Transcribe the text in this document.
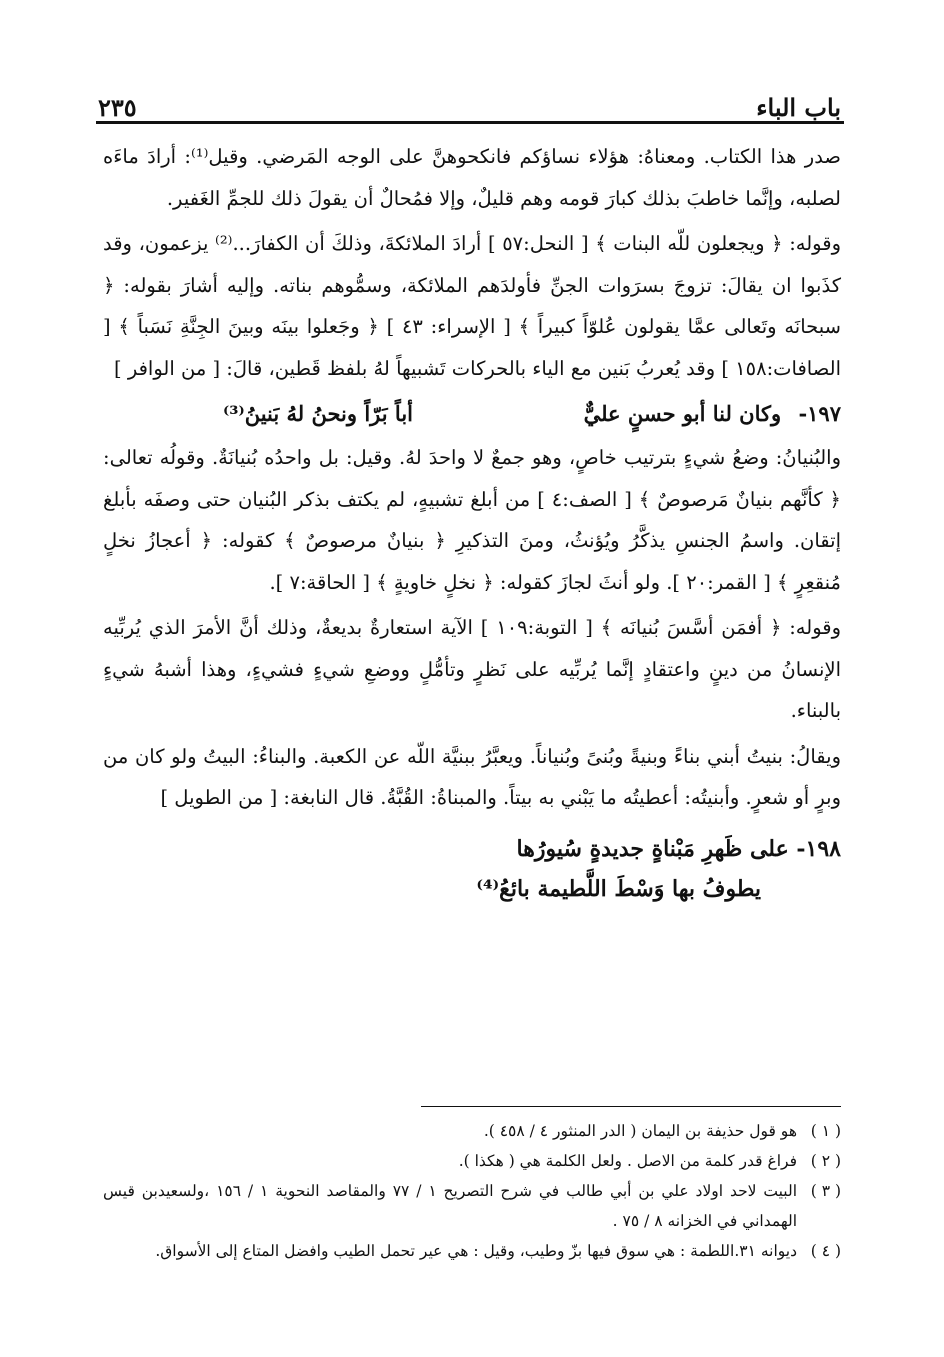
باب الباء
٢٣٥

صدر هذا الكتاب. ومعناهُ: هؤلاء نساؤكم فانكحوهنَّ على الوجه المَرضي. وقيل⁽¹⁾: أرادَ ماءَه لصلبه، وإنَّما خاطبَ بذلك كبارَ قومه وهم قليلٌ، وإلا فمُحالٌ أن يقولَ ذلك للجمِّ الغَفير.

وقوله: ﴿ ويجعلون للّه البنات ﴾ [ النحل:٥٧ ] أرادَ الملائكةَ، وذلكَ أن الكفارَ...⁽²⁾ يزعمون، وقد كذَبوا ان يقالَ: تزوجَ بسرَوات الجنِّ فأولدَهم الملائكة، وسمُّوهم بناته. وإليه أشارَ بقوله: ﴿ سبحانَه وتَعالى عمَّا يقولون عُلوّاً كبيراً ﴾ [ الإسراء: ٤٣ ] ﴿ وجَعلوا بينَه وبينَ الجِنَّةِ نَسَباً ﴾ [ الصافات:١٥٨ ] وقد يُعربُ بَنين مع الياء بالحركات تَشبيهاً لهُ بلفظ قَطين، قالَ: [ من الوافر ]

١٩٧- وكان لنا أبو حسنٍ عليٌّ
أباً بَرّاً ونحنُ لهُ بَنينُ⁽³⁾

والبُنيانُ: وضعُ شيءٍ بترتيب خاصٍ، وهو جمعٌ لا واحدَ لهُ. وقيل: بل واحدُه بُنيانَةٌ. وقولُه تعالى: ﴿ كأنَّهم بنيانٌ مَرصوصٌ ﴾ [ الصف:٤ ] من أبلغ تشبيهٍ، لم يكتف بذكر البُنيان حتى وصفَه بأبلغ إتقان. واسمُ الجنسِ يذكَّرُ ويُؤنثُ، ومنَ التذكيرِ ﴿ بنيانٌ مرصوصٌ ﴾ كقوله: ﴿ أعجازُ نخلٍ مُنقعِرٍ ﴾ [ القمر:٢٠ ]. ولو أنثَ لجازَ كقوله: ﴿ نخلٍ خاويةٍ ﴾ [ الحاقة:٧ ].

وقوله: ﴿ أفمَن أسَّسَ بُنيانَه ﴾ [ التوبة:١٠٩ ] الآية استعارةٌ بديعةٌ، وذلك أنَّ الأمرَ الذي يُربِّيه الإنسانُ من دينٍ واعتقادٍ إنَّما يُربِّيه على نَظرٍ وتأمُّلٍ ووضعِ شيءٍ فشيءٍ، وهذا أشبهُ شيءٍ بالبناء.

ويقالُ: بنيتُ أبني بناءً وبنيةً وبُنىً وبُنياناً. ويعبَّرُ ببنيَّة اللّه عن الكعبة. والبناءُ: البيتُ ولو كان من وبرٍ أو شعرٍ. وأبنيتُه: أعطيتُه ما يَبْني به بيتاً. والمبناةُ: القُبَّةُ. قال النابغة: [ من الطويل ]

١٩٨- على ظَهرِ مَبْناةٍ جديدةٍ سُيورُها
يطوفُ بها وَسْطَ اللَّطيمة بائعُ⁽⁴⁾
( ١ )
هو قول حذيفة بن اليمان ( الدر المنثور ٤ / ٤٥٨ ).
( ٢ )
فراغ قدر كلمة من الاصل . ولعل الكلمة هي ( هكذا ).
( ٣ )
البيت لاحد اولاد علي بن أبي طالب في شرح التصريح ١ / ٧٧ والمقاصد النحوية ١ / ١٥٦ ،ولسعيدبن قيس الهمداني في الخزانه ٨ / ٧٥ .
( ٤ )
ديوانه ٣١.اللطمة : هي سوق فيها بزّ وطيب، وقيل : هي عير تحمل الطيب وافضل المتاع إلى الأسواق.
